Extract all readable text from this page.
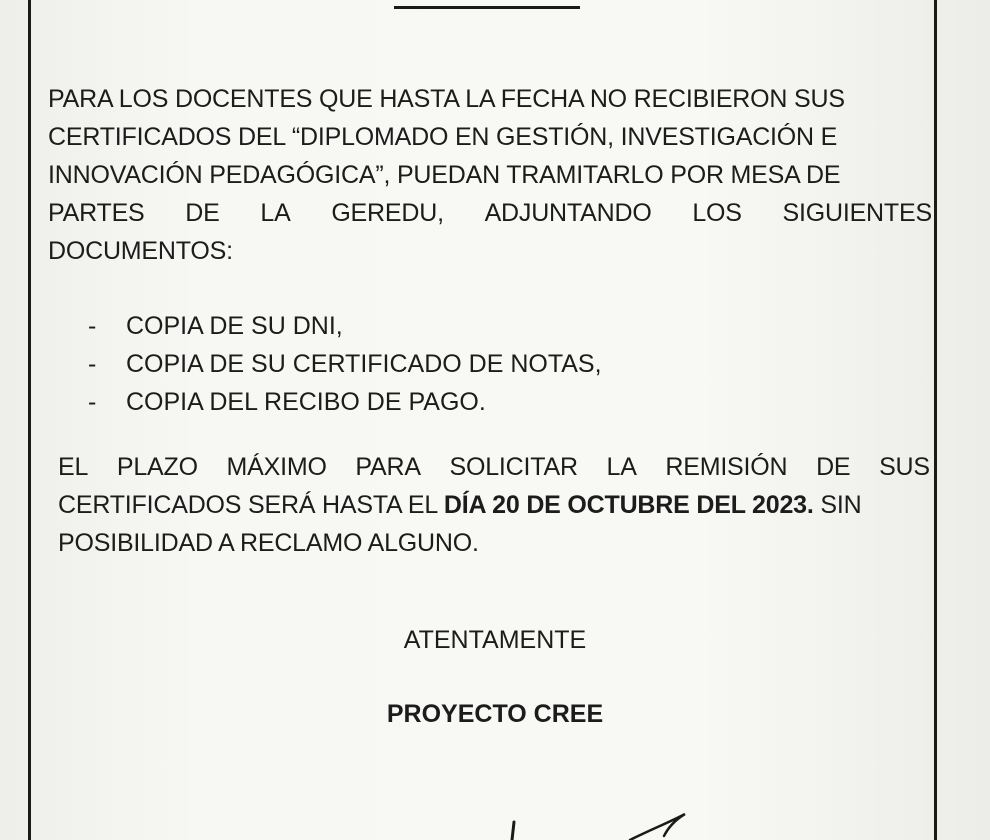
PARA LOS DOCENTES QUE HASTA LA FECHA NO RECIBIERON SUS
CERTIFICADOS DEL “DIPLOMADO EN GESTIÓN, INVESTIGACIÓN E
INNOVACIÓN PEDAGÓGICA”, PUEDAN TRAMITARLO POR MESA DE
PARTES DE LA GEREDU, ADJUNTANDO LOS SIGUIENTES
DOCUMENTOS:
-	COPIA DE SU DNI,
-	COPIA DE SU CERTIFICADO DE NOTAS,
-	COPIA DEL RECIBO DE PAGO.
EL PLAZO MÁXIMO PARA SOLICITAR LA REMISIÓN DE SUS
CERTIFICADOS SERÁ HASTA EL DÍA 20 DE OCTUBRE DEL 2023. SIN
POSIBILIDAD A RECLAMO ALGUNO.
ATENTAMENTE
PROYECTO CREE
